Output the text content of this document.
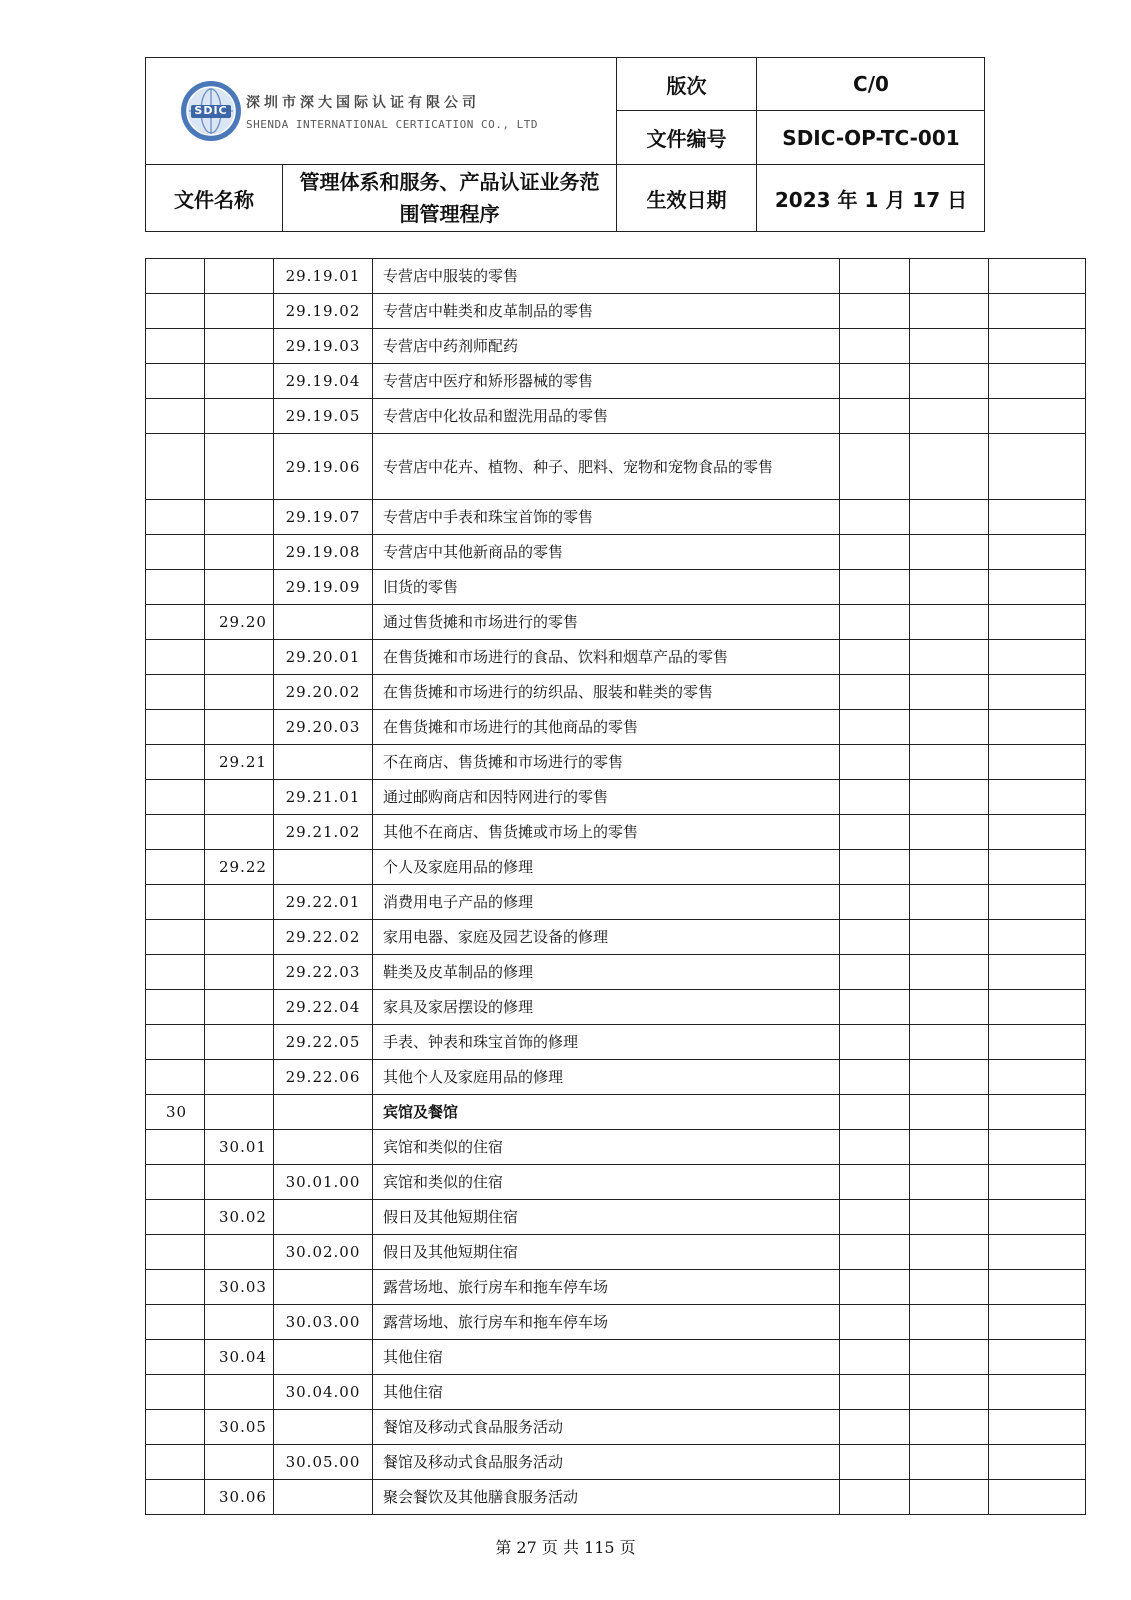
SDIC	深圳市深大国际认证有限公司
SHENDA INTERNATIONAL CERTICATION CO., LTD
版次	C/0
文件编号	SDIC-OP-TC-001
文件名称
管理体系和服务、产品认证业务范围管理程序
生效日期	2023 年 1 月 17 日
		29.19.01	专营店中服装的零售			
		29.19.02	专营店中鞋类和皮革制品的零售			
		29.19.03	专营店中药剂师配药			
		29.19.04	专营店中医疗和矫形器械的零售			
		29.19.05	专营店中化妆品和盥洗用品的零售			
		29.19.06	专营店中花卉、植物、种子、肥料、宠物和宠物食品的零售			
		29.19.07	专营店中手表和珠宝首饰的零售			
		29.19.08	专营店中其他新商品的零售			
		29.19.09	旧货的零售			
	29.20		通过售货摊和市场进行的零售			
		29.20.01	在售货摊和市场进行的食品、饮料和烟草产品的零售			
		29.20.02	在售货摊和市场进行的纺织品、服装和鞋类的零售			
		29.20.03	在售货摊和市场进行的其他商品的零售			
	29.21		不在商店、售货摊和市场进行的零售			
		29.21.01	通过邮购商店和因特网进行的零售			
		29.21.02	其他不在商店、售货摊或市场上的零售			
	29.22		个人及家庭用品的修理			
		29.22.01	消费用电子产品的修理			
		29.22.02	家用电器、家庭及园艺设备的修理			
		29.22.03	鞋类及皮革制品的修理			
		29.22.04	家具及家居摆设的修理			
		29.22.05	手表、钟表和珠宝首饰的修理			
		29.22.06	其他个人及家庭用品的修理			
30			宾馆及餐馆			
	30.01		宾馆和类似的住宿			
		30.01.00	宾馆和类似的住宿			
	30.02		假日及其他短期住宿			
		30.02.00	假日及其他短期住宿			
	30.03		露营场地、旅行房车和拖车停车场			
		30.03.00	露营场地、旅行房车和拖车停车场			
	30.04		其他住宿			
		30.04.00	其他住宿			
	30.05		餐馆及移动式食品服务活动			
		30.05.00	餐馆及移动式食品服务活动			
	30.06		聚会餐饮及其他膳食服务活动			
第 27 页 共 115 页
